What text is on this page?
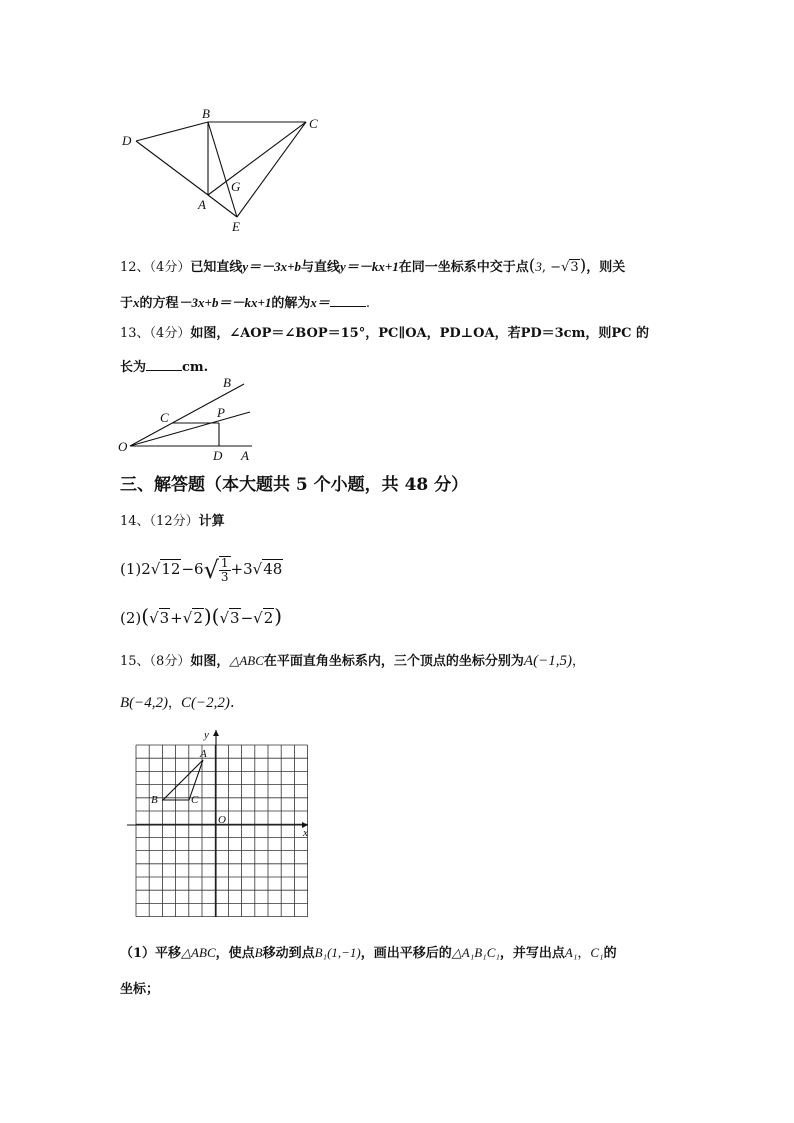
D
B
C
G
A
E
12、（4分）已知直线y＝－3x+b与直线y＝－kx+1在同一坐标系中交于点(3, −√3)，则关
于x的方程－3x+b＝－kx+1的解为x＝	.
13、（4分）如图，∠AOP＝∠BOP＝15°，PC∥OA，PD⊥OA，若PD＝3cm，则PC 的
长为	cm.
B
C	P
O
D A
三、解答题（本大题共 5 个小题，共 48 分）
14、（12分）计算
$(1)2√12-6√ \frac{1}{3} +3√48$
(2)(√3+√2)(√3−√2)
15、（8分）如图，△ABC在平面直角坐标系内，三个顶点的坐标分别为A(−1,5)，
B(−4,2)，C(−2,2).
y
x
O
A
B	C
（1）平移△ABC，使点B移动到点B₁(1,−1)，画出平移后的△A₁B₁C₁，并写出点A₁，C₁的
坐标；
